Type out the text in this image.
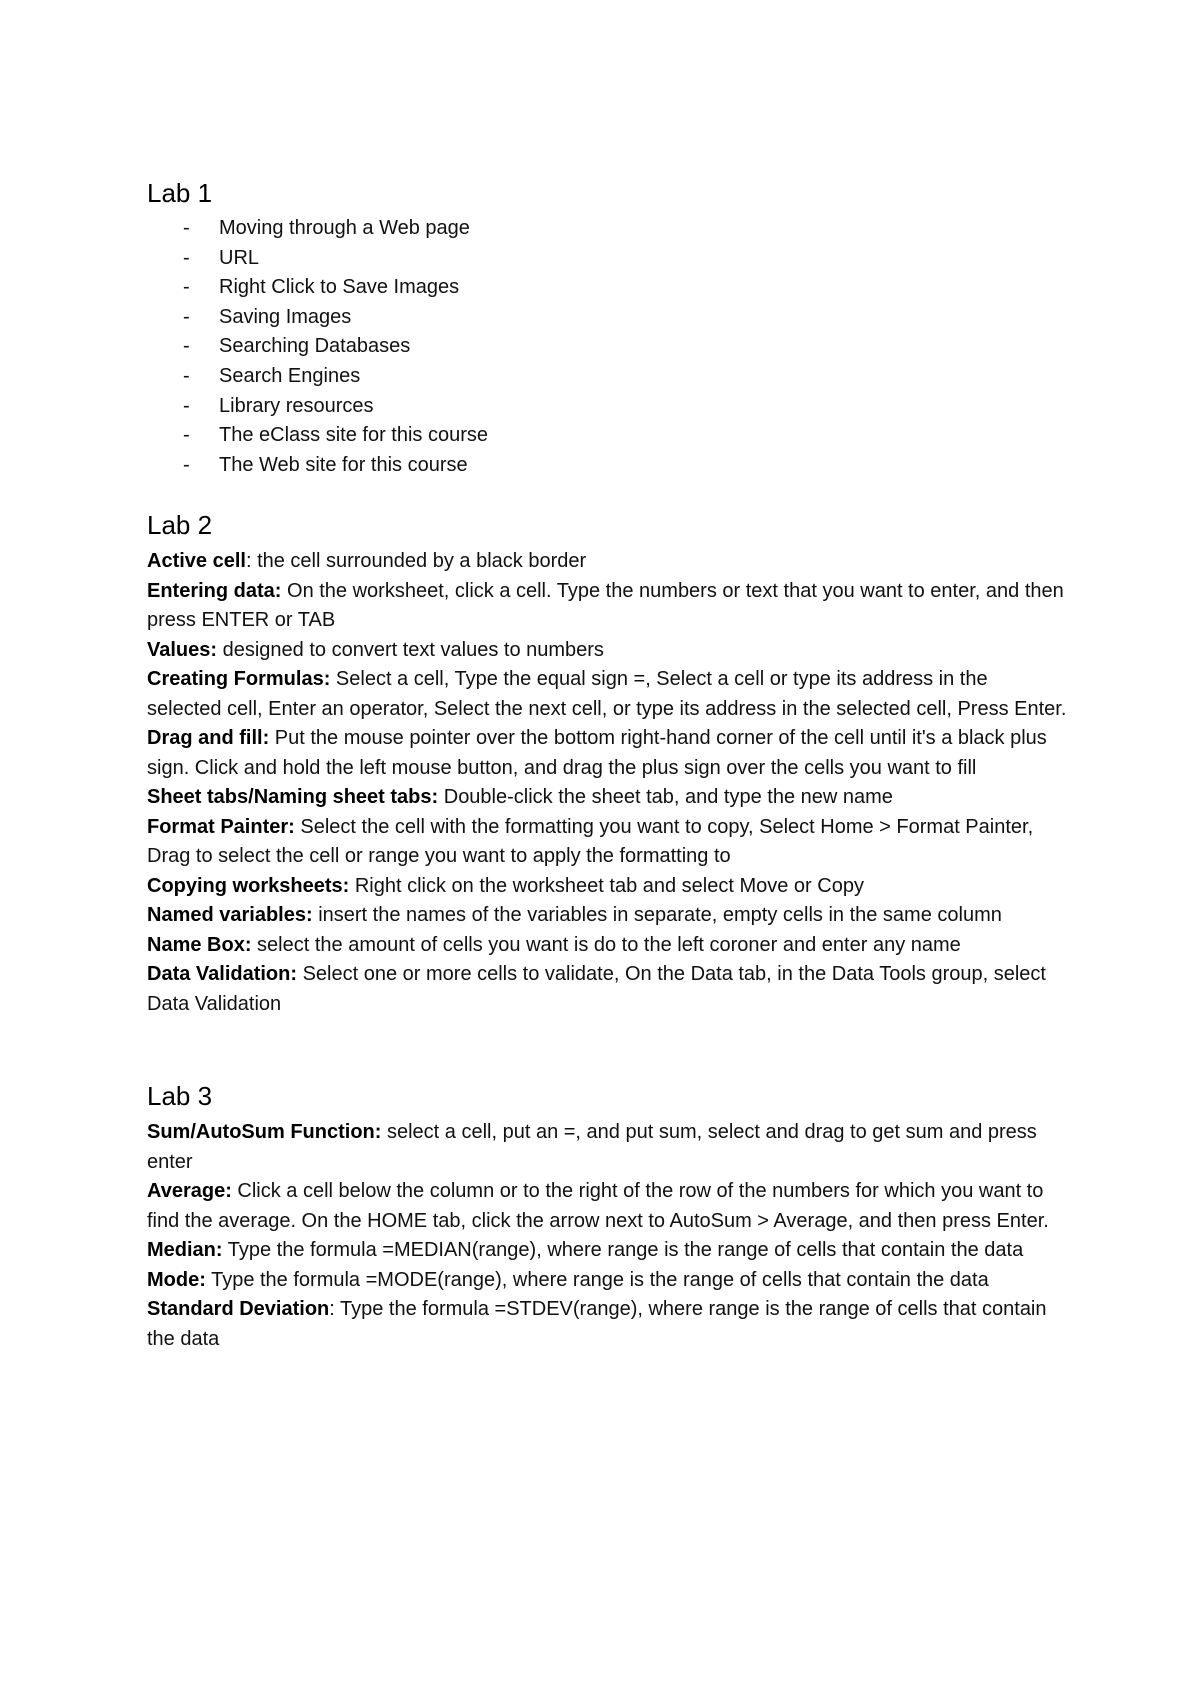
Lab 1
- Moving through a Web page
- URL
- Right Click to Save Images
- Saving Images
- Searching Databases
- Search Engines
- Library resources
- The eClass site for this course
- The Web site for this course
Lab 2

Active cell: the cell surrounded by a black border

Entering data: On the worksheet, click a cell. Type the numbers or text that you want to enter, and then press ENTER or TAB

Values: designed to convert text values to numbers

Creating Formulas: Select a cell, Type the equal sign =, Select a cell or type its address in the selected cell, Enter an operator, Select the next cell, or type its address in the selected cell, Press Enter.

Drag and fill: Put the mouse pointer over the bottom right-hand corner of the cell until it's a black plus sign. Click and hold the left mouse button, and drag the plus sign over the cells you want to fill

Sheet tabs/Naming sheet tabs: Double-click the sheet tab, and type the new name

Format Painter: Select the cell with the formatting you want to copy, Select Home > Format Painter, Drag to select the cell or range you want to apply the formatting to

Copying worksheets: Right click on the worksheet tab and select Move or Copy

Named variables: insert the names of the variables in separate, empty cells in the same column

Name Box: select the amount of cells you want is do to the left coroner and enter any name

Data Validation: Select one or more cells to validate, On the Data tab, in the Data Tools group, select Data Validation

Lab 3

Sum/AutoSum Function: select a cell, put an =, and put sum, select and drag to get sum and press enter

Average: Click a cell below the column or to the right of the row of the numbers for which you want to find the average. On the HOME tab, click the arrow next to AutoSum > Average, and then press Enter.

Median: Type the formula =MEDIAN(range), where range is the range of cells that contain the data

Mode: Type the formula =MODE(range), where range is the range of cells that contain the data

Standard Deviation: Type the formula =STDEV(range), where range is the range of cells that contain the data
